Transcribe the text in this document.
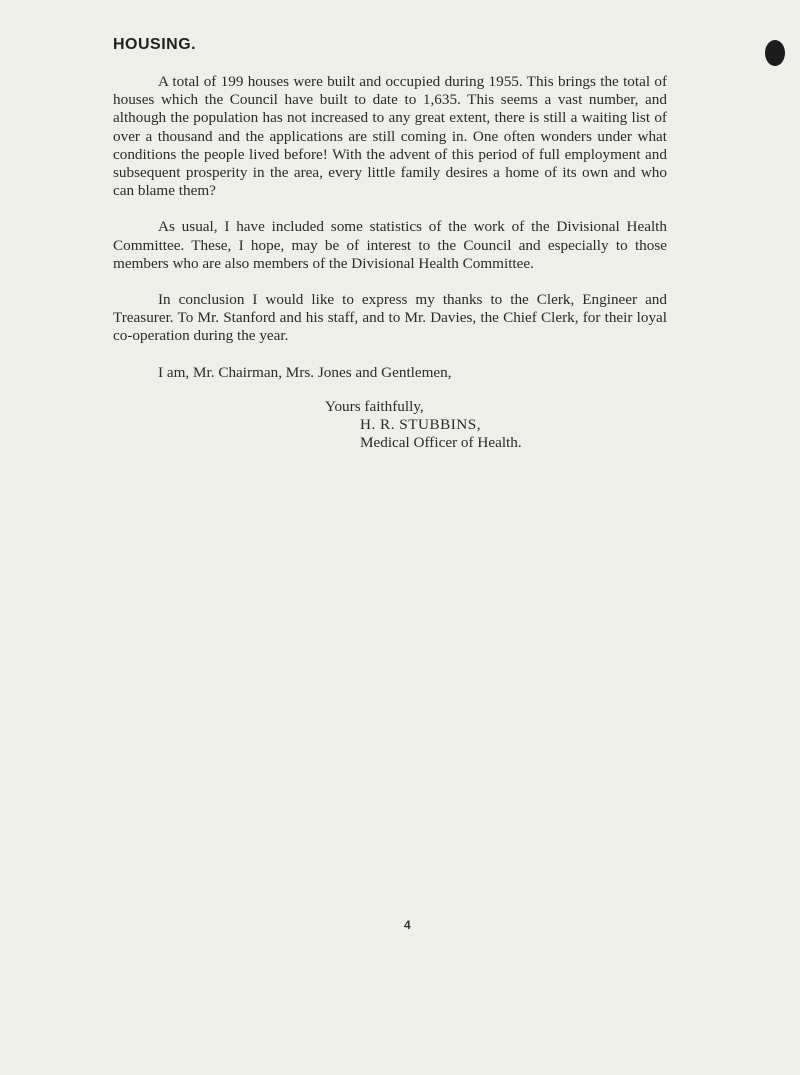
HOUSING.

A total of 199 houses were built and occupied during 1955. This brings the total of houses which the Council have built to date to 1,635. This seems a vast number, and although the population has not increased to any great extent, there is still a waiting list of over a thousand and the applications are still coming in. One often wonders under what conditions the people lived before! With the advent of this period of full employment and subsequent prosperity in the area, every little family desires a home of its own and who can blame them?

As usual, I have included some statistics of the work of the Divisional Health Committee. These, I hope, may be of interest to the Council and especially to those members who are also members of the Divisional Health Committee.

In conclusion I would like to express my thanks to the Clerk, Engineer and Treasurer. To Mr. Stanford and his staff, and to Mr. Davies, the Chief Clerk, for their loyal co-operation during the year.

I am, Mr. Chairman, Mrs. Jones and Gentlemen,

Yours faithfully,
H. R. STUBBINS,
Medical Officer of Health.
4
